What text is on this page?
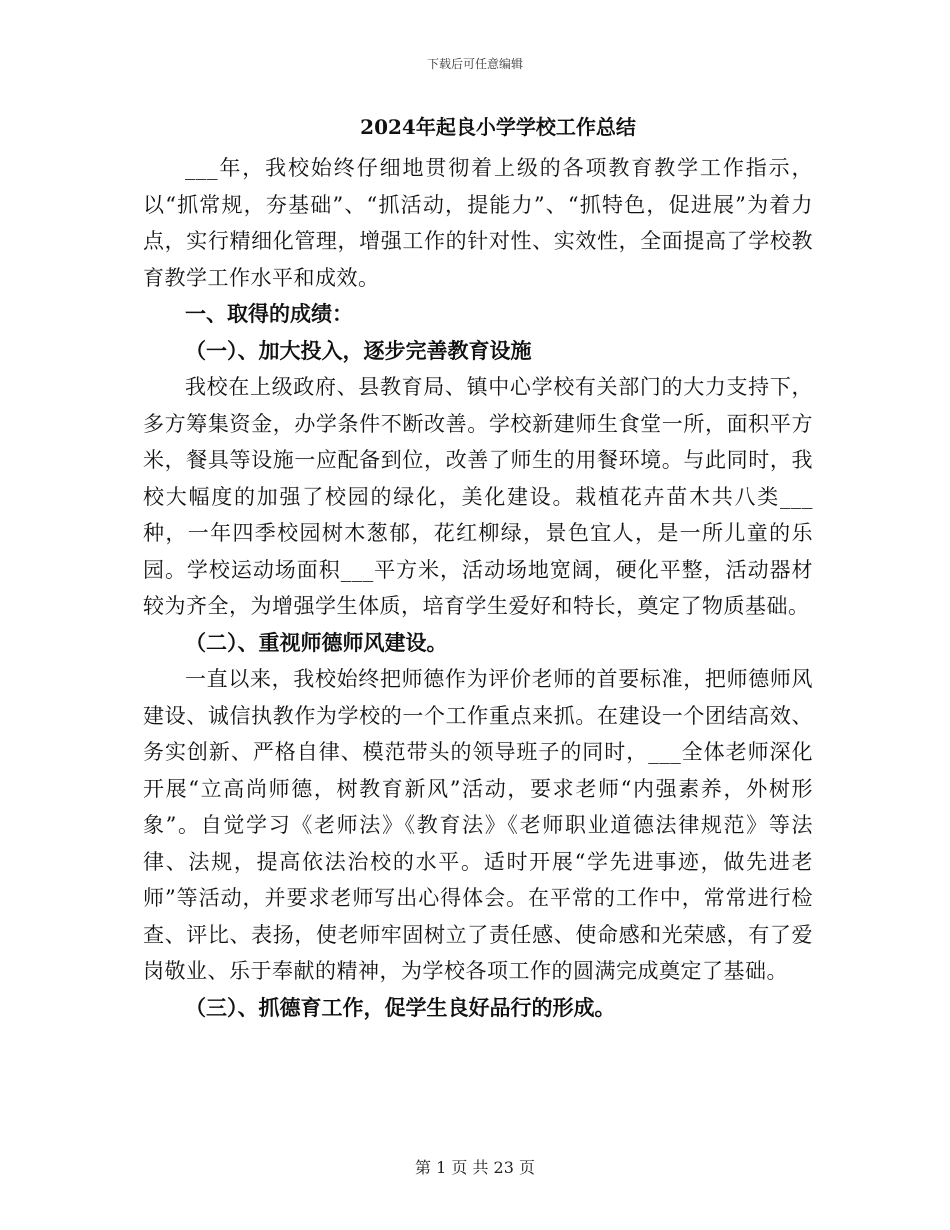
下载后可任意编辑
2024年起良小学学校工作总结

___年，我校始终仔细地贯彻着上级的各项教育教学工作指示，以“抓常规，夯基础”、“抓活动，提能力”、“抓特色，促进展”为着力点，实行精细化管理，增强工作的针对性、实效性，全面提高了学校教育教学工作水平和成效。

一、取得的成绩：

（一）、加大投入，逐步完善教育设施

我校在上级政府、县教育局、镇中心学校有关部门的大力支持下，多方筹集资金，办学条件不断改善。学校新建师生食堂一所，面积平方米，餐具等设施一应配备到位，改善了师生的用餐环境。与此同时，我校大幅度的加强了校园的绿化，美化建设。栽植花卉苗木共八类___种，一年四季校园树木葱郁，花红柳绿，景色宜人，是一所儿童的乐园。学校运动场面积___平方米，活动场地宽阔，硬化平整，活动器材较为齐全，为增强学生体质，培育学生爱好和特长，奠定了物质基础。

（二）、重视师德师风建设。

一直以来，我校始终把师德作为评价老师的首要标准，把师德师风建设、诚信执教作为学校的一个工作重点来抓。在建设一个团结高效、务实创新、严格自律、模范带头的领导班子的同时，___全体老师深化开展“立高尚师德，树教育新风”活动，要求老师“内强素养，外树形象”。自觉学习《老师法》《教育法》《老师职业道德法律规范》等法律、法规，提高依法治校的水平。适时开展“学先进事迹，做先进老师”等活动，并要求老师写出心得体会。在平常的工作中，常常进行检查、评比、表扬，使老师牢固树立了责任感、使命感和光荣感，有了爱岗敬业、乐于奉献的精神，为学校各项工作的圆满完成奠定了基础。

（三）、抓德育工作，促学生良好品行的形成。

第 1 页 共 23 页
